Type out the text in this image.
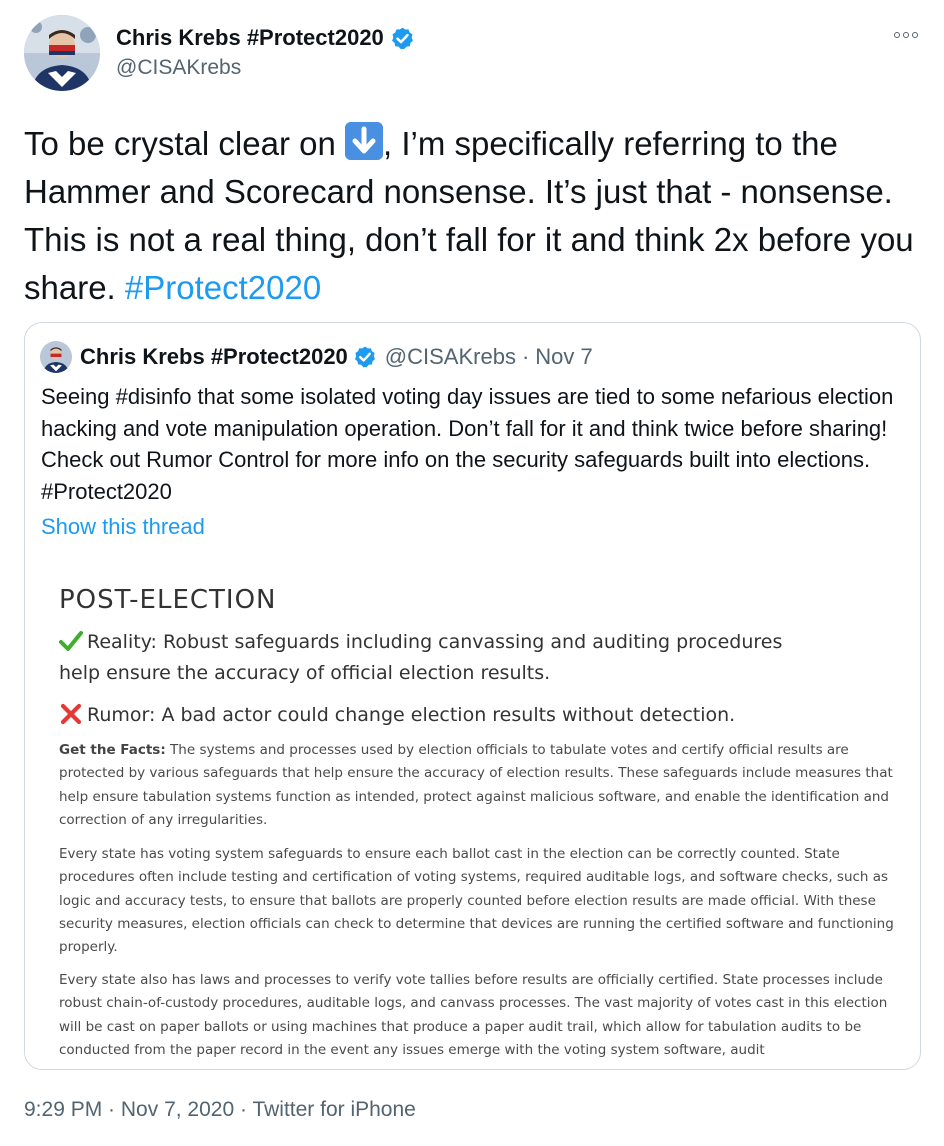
Chris Krebs #Protect2020
@CISAKrebs
To be crystal clear on
, I’m specifically referring to the Hammer and Scorecard nonsense. It’s just that - nonsense. This is not a real thing, don’t fall for it and think 2x before you share. #Protect2020
Chris Krebs #Protect2020 @CISAKrebs · Nov 7
Seeing #disinfo that some isolated voting day issues are tied to some nefarious election hacking and vote manipulation operation. Don’t fall for it and think twice before sharing! Check out Rumor Control for more info on the security safeguards built into elections. #Protect2020
Show this thread
POST-ELECTION
Reality: Robust safeguards including canvassing and auditing procedures
help ensure the accuracy of official election results.
Rumor: A bad actor could change election results without detection.
Get the Facts: The systems and processes used by election officials to tabulate votes and certify official results are protected by various safeguards that help ensure the accuracy of election results. These safeguards include measures that help ensure tabulation systems function as intended, protect against malicious software, and enable the identification and correction of any irregularities.
Every state has voting system safeguards to ensure each ballot cast in the election can be correctly counted. State procedures often include testing and certification of voting systems, required auditable logs, and software checks, such as logic and accuracy tests, to ensure that ballots are properly counted before election results are made official. With these security measures, election officials can check to determine that devices are running the certified software and functioning properly.
Every state also has laws and processes to verify vote tallies before results are officially certified. State processes include robust chain-of-custody procedures, auditable logs, and canvass processes. The vast majority of votes cast in this election will be cast on paper ballots or using machines that produce a paper audit trail, which allow for tabulation audits to be conducted from the paper record in the event any issues emerge with the voting system software, audit
9:29 PM · Nov 7, 2020 · Twitter for iPhone
